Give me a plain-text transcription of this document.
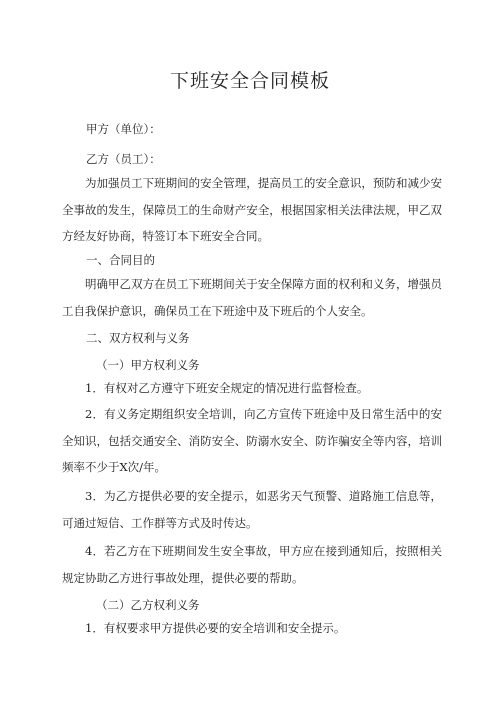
下班安全合同模板
甲方（单位）：
乙方（员工）：
为加强员工下班期间的安全管理，提高员工的安全意识，预防和减少安全事故的发生，保障员工的生命财产安全，根据国家相关法律法规，甲乙双方经友好协商，特签订本下班安全合同。
一、合同目的
明确甲乙双方在员工下班期间关于安全保障方面的权利和义务，增强员工自我保护意识，确保员工在下班途中及下班后的个人安全。
二、双方权利与义务
（一）甲方权利义务
1．有权对乙方遵守下班安全规定的情况进行监督检查。
2．有义务定期组织安全培训，向乙方宣传下班途中及日常生活中的安全知识，包括交通安全、消防安全、防溺水安全、防诈骗安全等内容，培训频率不少于X次/年。
3．为乙方提供必要的安全提示，如恶劣天气预警、道路施工信息等，可通过短信、工作群等方式及时传达。
4．若乙方在下班期间发生安全事故，甲方应在接到通知后，按照相关规定协助乙方进行事故处理，提供必要的帮助。
（二）乙方权利义务
1．有权要求甲方提供必要的安全培训和安全提示。
